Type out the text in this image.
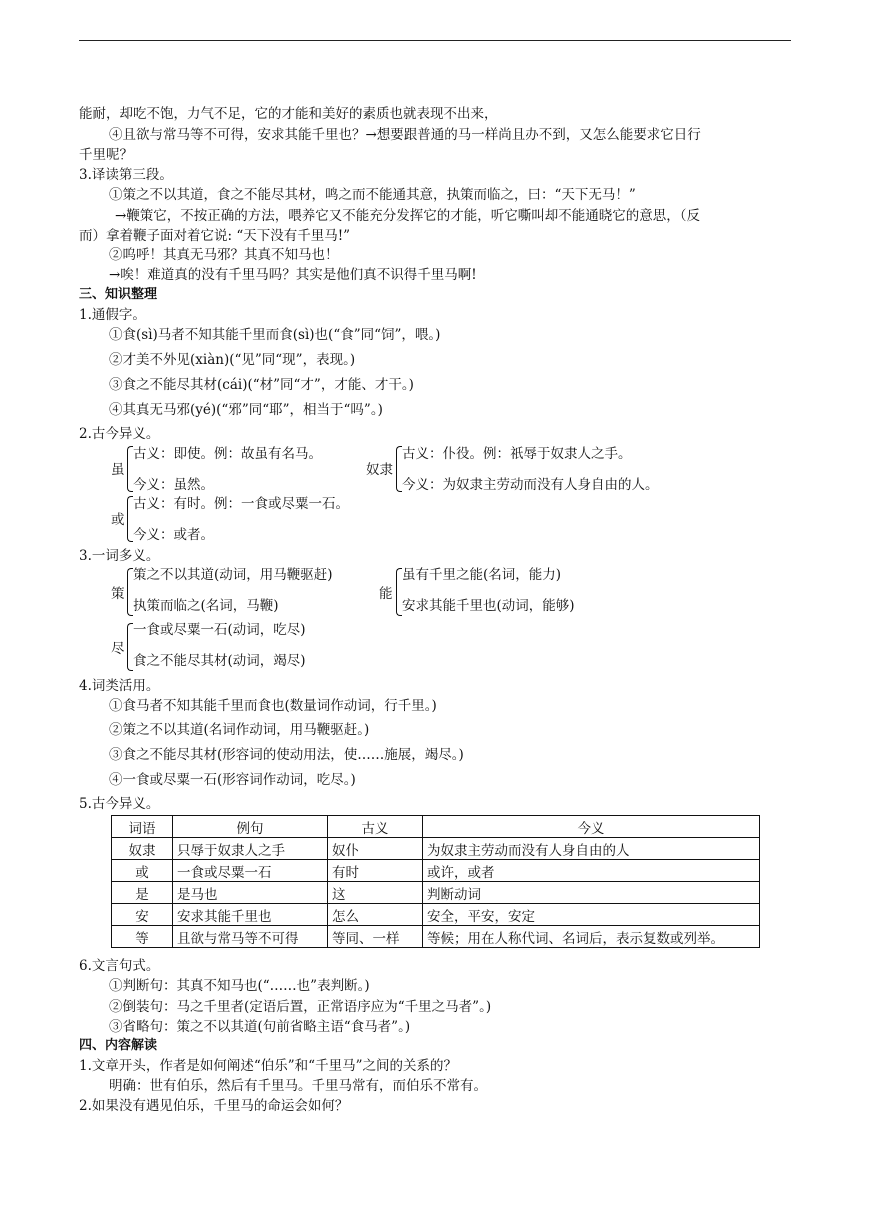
能耐，却吃不饱，力气不足，它的才能和美好的素质也就表现不出来，
④且欲与常马等不可得，安求其能千里也？→想要跟普通的马一样尚且办不到，又怎么能要求它日行
千里呢？
3.译读第三段。
①策之不以其道，食之不能尽其材，鸣之而不能通其意，执策而临之，曰：“天下无马！”
→鞭策它，不按正确的方法，喂养它又不能充分发挥它的才能，听它嘶叫却不能通晓它的意思，（反
而）拿着鞭子面对着它说: “天下没有千里马!”
②呜呼！其真无马邪？其真不知马也！
→唉！难道真的没有千里马吗？其实是他们真不识得千里马啊!
三、知识整理
1.通假字。
①食(sì)马者不知其能千里而食(sì)也(“食”同“饲”，喂。)
②才美不外见(xiàn)(“见”同“现”，表现。)
③食之不能尽其材(cái)(“材”同“才”，才能、才干。)
④其真无马邪(yé)(“邪”同“耶”，相当于“吗”。)
2.古今异义。
虽
古义：即使。例：故虽有名马。
今义：虽然。
奴隶
古义：仆役。例：祇辱于奴隶人之手。
今义：为奴隶主劳动而没有人身自由的人。
或
古义：有时。例：一食或尽粟一石。
今义：或者。
3.一词多义。
策
策之不以其道(动词，用马鞭驱赶)
执策而临之(名词，马鞭)
能
虽有千里之能(名词，能力)
安求其能千里也(动词，能够)
尽
一食或尽粟一石(动词，吃尽)
食之不能尽其材(动词，竭尽)
4.词类活用。
①食马者不知其能千里而食也(数量词作动词，行千里。)
②策之不以其道(名词作动词，用马鞭驱赶。)
③食之不能尽其材(形容词的使动用法，使……施展，竭尽。)
④一食或尽粟一石(形容词作动词，吃尽。)
5.古今异义。
词语	例句	古义	今义
奴隶	只辱于奴隶人之手	奴仆	为奴隶主劳动而没有人身自由的人
或	一食或尽粟一石	有时	或许，或者
是	是马也	这	判断动词
安	安求其能千里也	怎么	安全，平安，安定
等	且欲与常马等不可得	等同、一样	等候；用在人称代词、名词后，表示复数或列举。
6.文言句式。
①判断句：其真不知马也(“……也”表判断。)
②倒装句：马之千里者(定语后置，正常语序应为“千里之马者”。)
③省略句：策之不以其道(句前省略主语“食马者”。)
四、内容解读
1.文章开头，作者是如何阐述“伯乐”和“千里马”之间的关系的？
明确：世有伯乐，然后有千里马。千里马常有，而伯乐不常有。
2.如果没有遇见伯乐，千里马的命运会如何？
